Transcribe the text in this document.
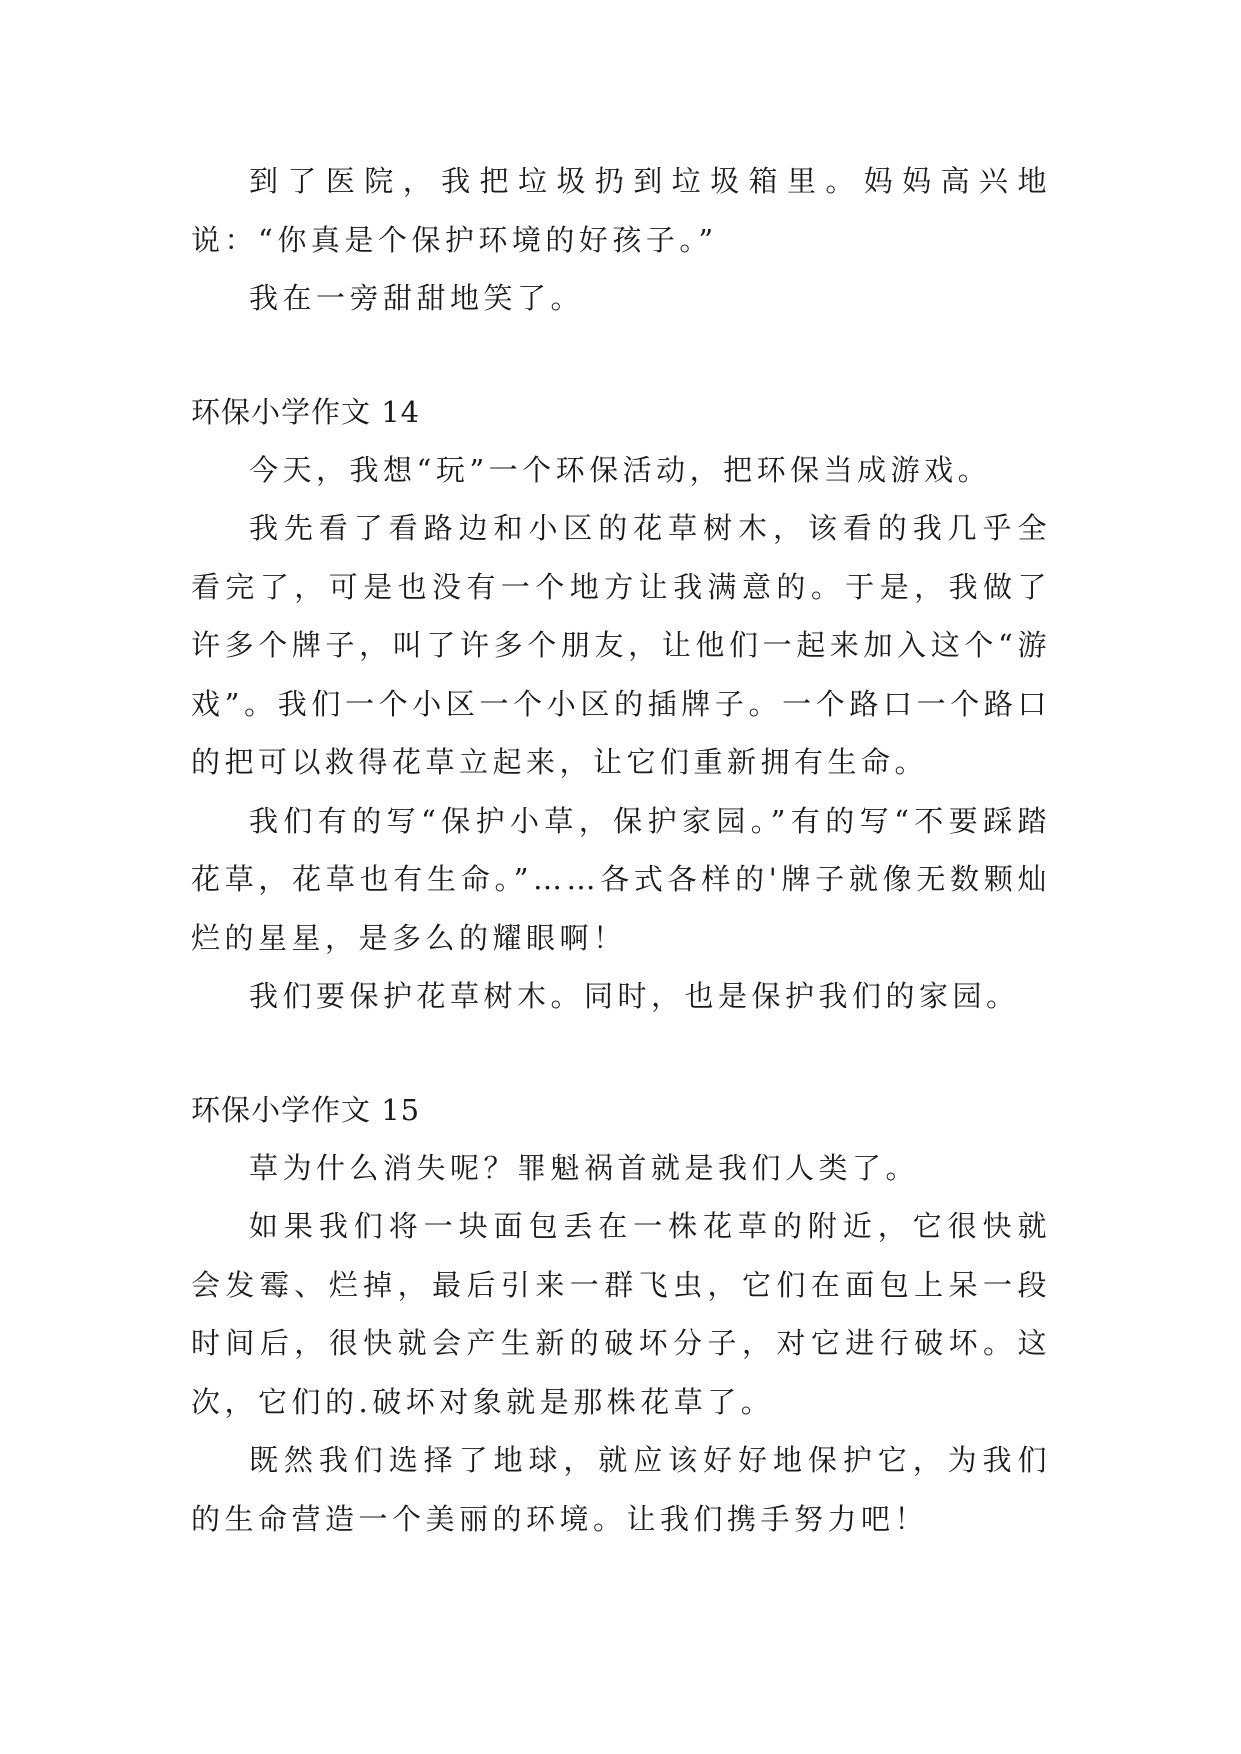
到了医院，我把垃圾扔到垃圾箱里。妈妈高兴地说：“你真是个保护环境的好孩子。”

我在一旁甜甜地笑了。

环保小学作文 14

今天，我想“玩”一个环保活动，把环保当成游戏。

我先看了看路边和小区的花草树木，该看的我几乎全看完了，可是也没有一个地方让我满意的。于是，我做了许多个牌子，叫了许多个朋友，让他们一起来加入这个“游戏”。我们一个小区一个小区的插牌子。一个路口一个路口的把可以救得花草立起来，让它们重新拥有生命。

我们有的写“保护小草，保护家园。”有的写“不要踩踏花草，花草也有生命。”……各式各样的'牌子就像无数颗灿烂的星星，是多么的耀眼啊！

我们要保护花草树木。同时，也是保护我们的家园。

环保小学作文 15

草为什么消失呢？罪魁祸首就是我们人类了。

如果我们将一块面包丢在一株花草的附近，它很快就会发霉、烂掉，最后引来一群飞虫，它们在面包上呆一段时间后，很快就会产生新的破坏分子，对它进行破坏。这次，它们的.破坏对象就是那株花草了。

既然我们选择了地球，就应该好好地保护它，为我们的生命营造一个美丽的环境。让我们携手努力吧！
